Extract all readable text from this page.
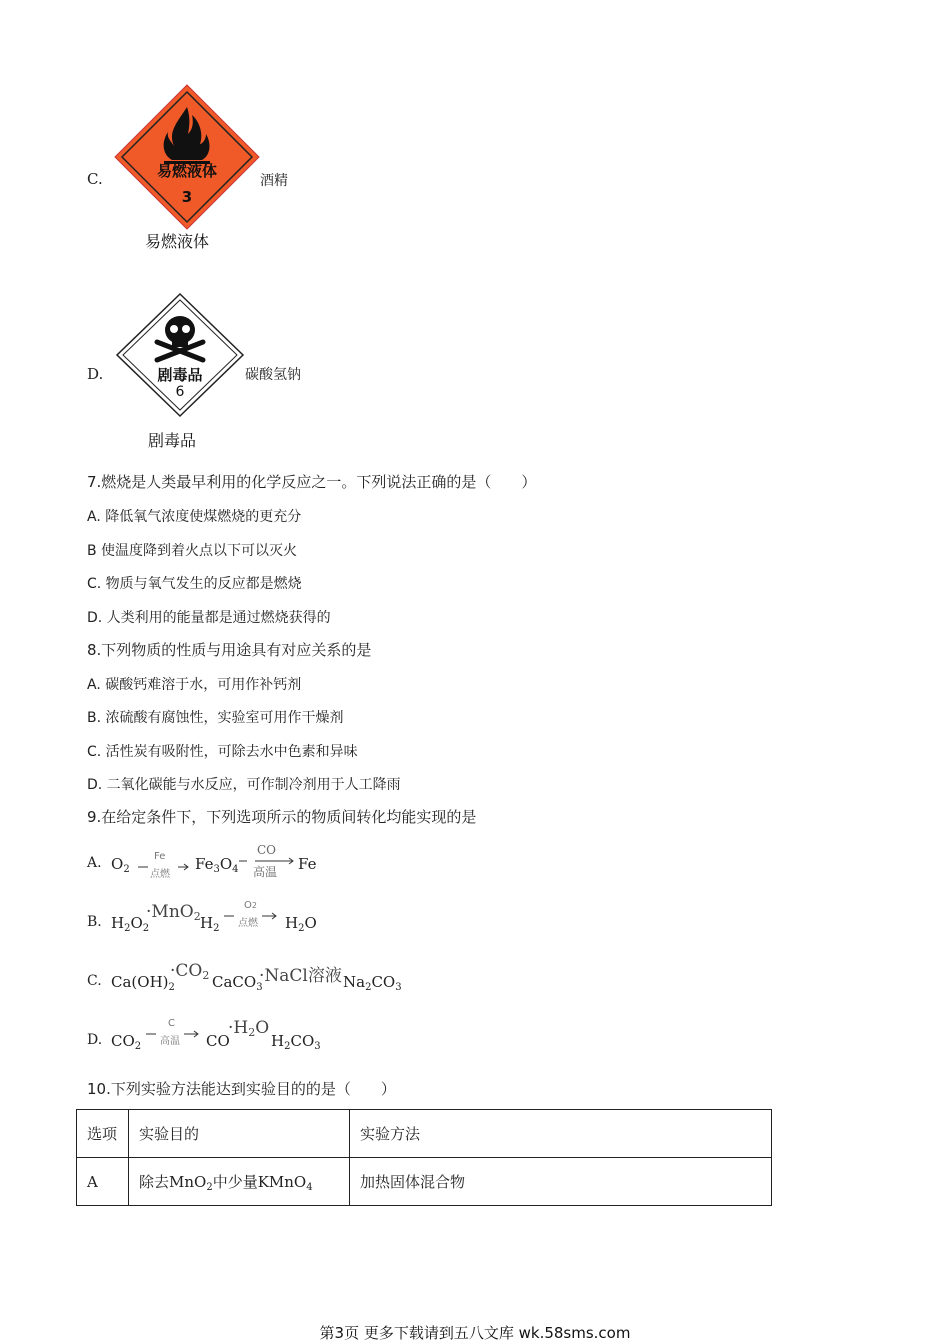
C.	易燃液体
3
易燃液体
酒精
D.	剧毒品
6
剧毒品
碳酸氢钠
7.燃烧是人类最早利用的化学反应之一。下列说法正确的是（　　）
A. 降低氧气浓度使煤燃烧的更充分
B 使温度降到着火点以下可以灭火
C. 物质与氧气发生的反应都是燃烧
D. 人类利用的能量都是通过燃烧获得的
8.下列物质的性质与用途具有对应关系的是
A. 碳酸钙难溶于水，可用作补钙剂
B. 浓硫酸有腐蚀性，实验室可用作干燥剂
C. 活性炭有吸附性，可除去水中色素和异味
D. 二氧化碳能与水反应，可作制冷剂用于人工降雨
9.在给定条件下，下列选项所示的物质间转化均能实现的是
A. $O_2$
Fe
点燃
$Fe_3O_4$
CO
高温 Fe
B. $H_2O_2$
·MnO$_2$ $H_2$
O2
点燃 $H_2O$
C. $Ca(OH)_2$
$\cdot CO_2$ CaCO$_3$
·NaCl溶液 $Na_2CO_3$
D. $CO_2$
C
高温 CO
$\cdot H_2O$
$H_2CO_3$
10.下列实验方法能达到实验目的的是（　　）
选项	实验目的	实验方法
A	除去MnO$_2$中少量KMnO$_4$	加热固体混合物
第3页 更多下载请到五八文库 wk.58sms.com
